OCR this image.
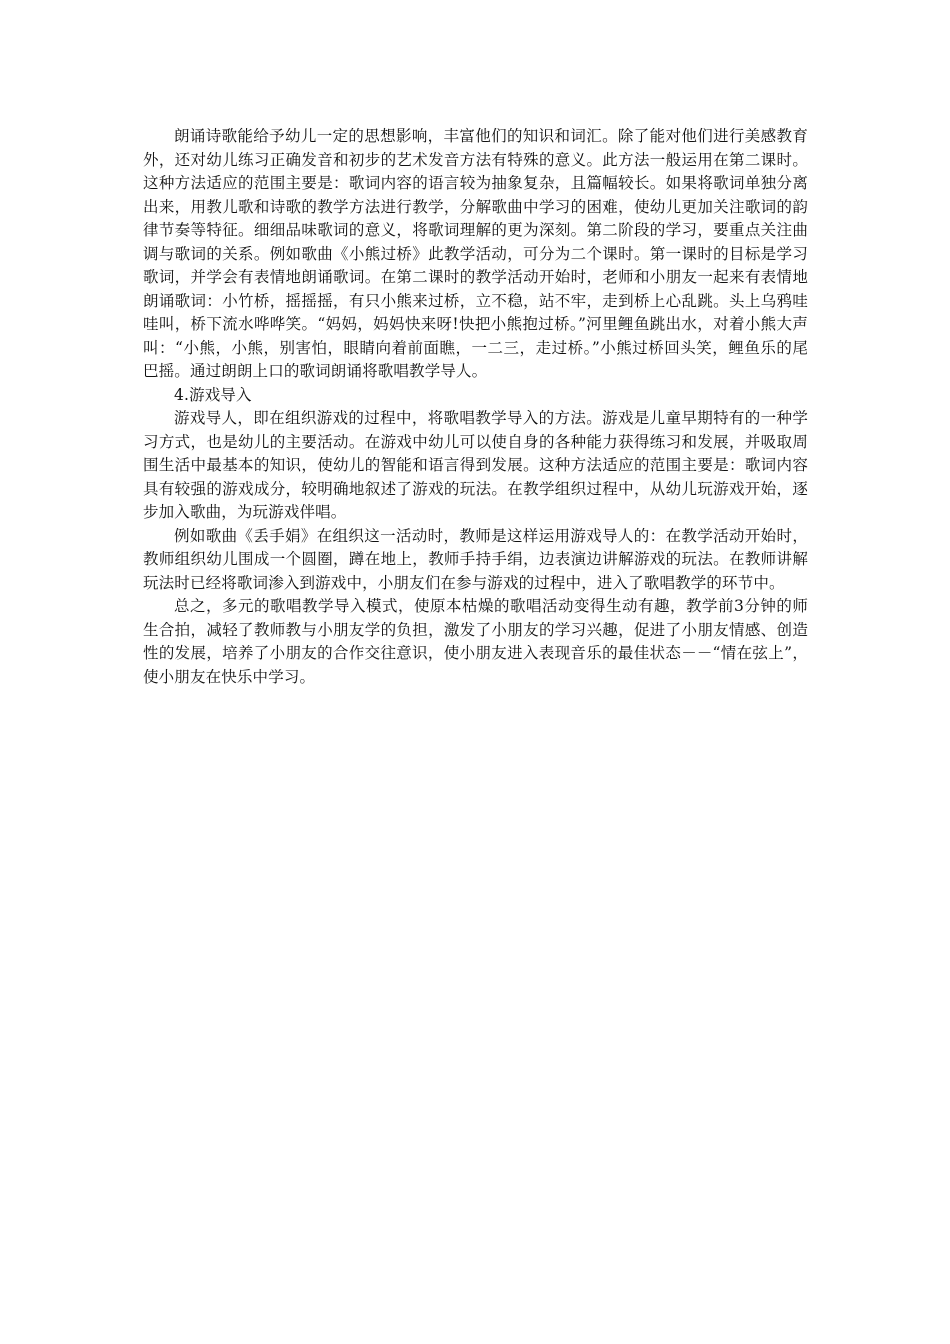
朗诵诗歌能给予幼儿一定的思想影响，丰富他们的知识和词汇。除了能对他们进行美感教育外，还对幼儿练习正确发音和初步的艺术发音方法有特殊的意义。此方法一般运用在第二课时。这种方法适应的范围主要是：歌词内容的语言较为抽象复杂，且篇幅较长。如果将歌词单独分离出来，用教儿歌和诗歌的教学方法进行教学，分解歌曲中学习的困难，使幼儿更加关注歌词的韵律节奏等特征。细细品味歌词的意义，将歌词理解的更为深刻。第二阶段的学习，要重点关注曲调与歌词的关系。例如歌曲《小熊过桥》此教学活动，可分为二个课时。第一课时的目标是学习歌词，并学会有表情地朗诵歌词。在第二课时的教学活动开始时，老师和小朋友一起来有表情地朗诵歌词：小竹桥，摇摇摇，有只小熊来过桥，立不稳，站不牢，走到桥上心乱跳。头上乌鸦哇哇叫，桥下流水哗哗笑。“妈妈，妈妈快来呀!快把小熊抱过桥。”河里鲤鱼跳出水，对着小熊大声叫：“小熊，小熊，别害怕，眼睛向着前面瞧，一二三，走过桥。”小熊过桥回头笑，鲤鱼乐的尾巴摇。通过朗朗上口的歌词朗诵将歌唱教学导人。

4.游戏导入

游戏导人，即在组织游戏的过程中，将歌唱教学导入的方法。游戏是儿童早期特有的一种学习方式，也是幼儿的主要活动。在游戏中幼儿可以使自身的各种能力获得练习和发展，并吸取周围生活中最基本的知识，使幼儿的智能和语言得到发展。这种方法适应的范围主要是：歌词内容具有较强的游戏成分，较明确地叙述了游戏的玩法。在教学组织过程中，从幼儿玩游戏开始，逐步加入歌曲，为玩游戏伴唱。

例如歌曲《丢手娟》在组织这一活动时，教师是这样运用游戏导人的：在教学活动开始时，教师组织幼儿围成一个圆圈，蹲在地上，教师手持手绢，边表演边讲解游戏的玩法。在教师讲解玩法时已经将歌词渗入到游戏中，小朋友们在参与游戏的过程中，进入了歌唱教学的环节中。

总之，多元的歌唱教学导入模式，使原本枯燥的歌唱活动变得生动有趣，教学前3分钟的师生合拍，减轻了教师教与小朋友学的负担，激发了小朋友的学习兴趣，促进了小朋友情感、创造性的发展，培养了小朋友的合作交往意识，使小朋友进入表现音乐的最佳状态－－“情在弦上”，使小朋友在快乐中学习。
